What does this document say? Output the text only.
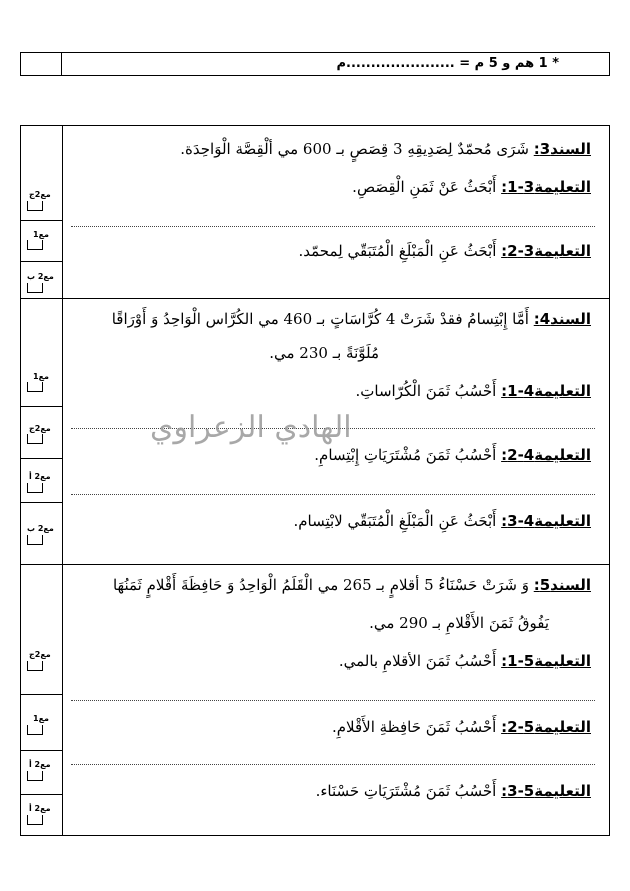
* 1 هم و 5 م = ......................م
السند3: شَرَى مُحمّدٌ لِصَدِيقِهِ 3 قِصَصٍ بـ 600 مي ألْقِصَّة الْوَاحِدَة.
التعليمة3-1: أَبْحَثُ عَنْ ثَمَنِ الْقِصَصِ.
التعليمة3-2: أَبْحَثُ عَنِ الْمَبْلَغِ الْمُتَبَقّي لِمحمّد.
مع2ج
مع1
مع2 ب
السند4: أَمَّا إِبْتِسامُ فقدْ شَرَتْ 4 كُرَّاسَاتٍ بـ 460 مي الكُرَّاس الْوَاحِدُ وَ أَوْرَاقًا
مُلَوَّنَةً بـ 230 مي.
التعليمة4-1: أَحْسُبُ ثَمَنَ الْكُرّاساتِ.
التعليمة4-2: أَحْسُبُ ثَمَنَ مُشْتَرَيَاتِ إِبْتِسامِ.
التعليمة4-3: أَبْحَثُ عَنِ الْمَبْلَغِ الْمُتَبَقّي لابْتِسام.
مع1
مع2ج
مع2 أ
مع2 ب
السند5: وَ شَرَتْ حَسْنَاءُ 5 أقلامٍ بـ 265 مي الْقَلَمُ الْوَاحِدُ وَ حَافِظَةَ أَقْلامٍ ثَمَنُهَا
يَفُوقُ ثَمَنَ الأَقْلامِ بـ 290 مي.
التعليمة5-1: أَحْسُبُ ثَمَنَ الأقلامِ بالمي.
التعليمة5-2: أَحْسُبُ ثَمَنَ حَافِظةِ الأَقْلامِ.
التعليمة5-3: أَحْسُبُ ثَمَنَ مُشْتَرَيَاتِ حَسْنَاء.
مع2ج
مع1
مع2 أ
مع2 أ
الهادي الزعراوي
